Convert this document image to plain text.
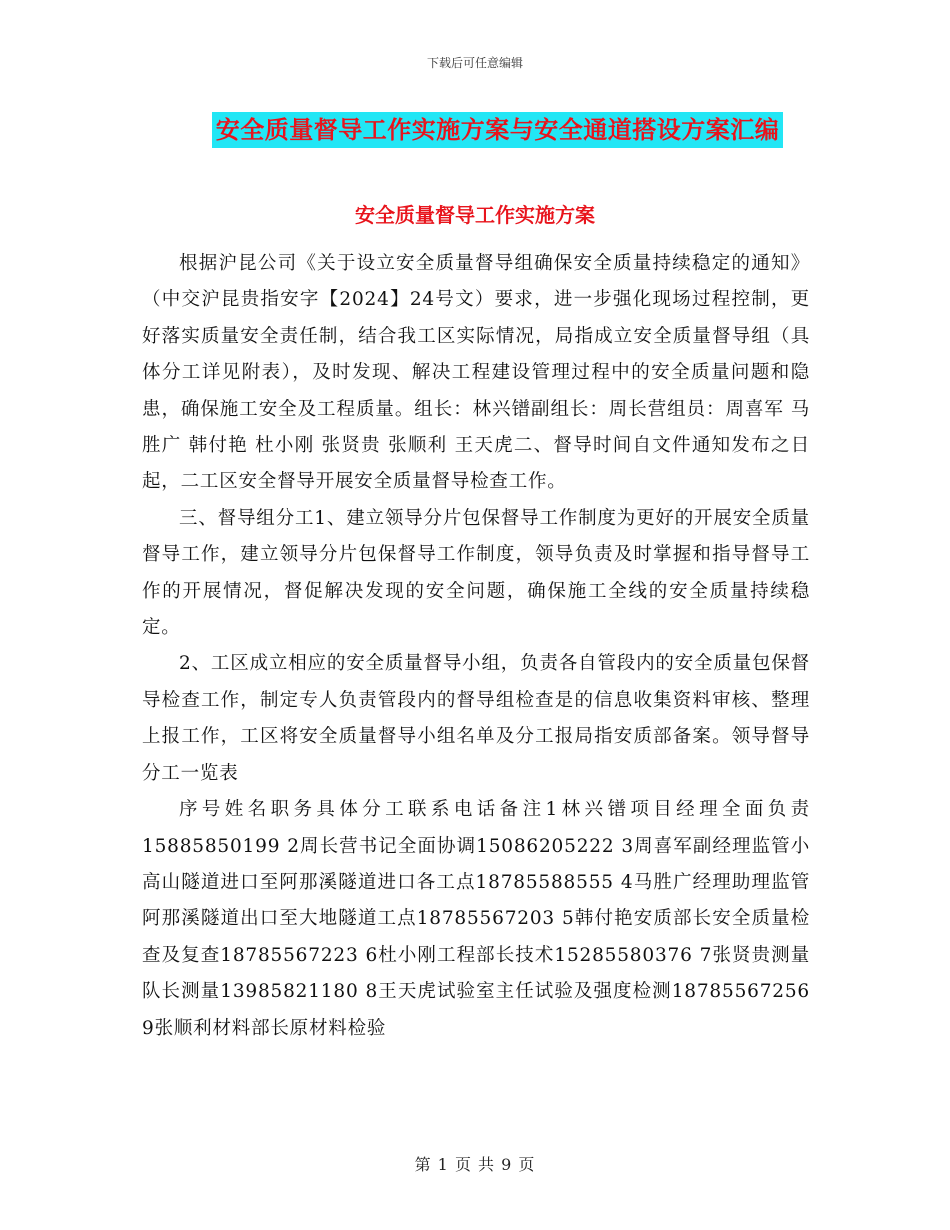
下载后可任意编辑
安全质量督导工作实施方案与安全通道搭设方案汇编
安全质量督导工作实施方案

根据沪昆公司《关于设立安全质量督导组确保安全质量持续稳定的通知》（中交沪昆贵指安字【2024】24号文）要求，进一步强化现场过程控制，更好落实质量安全责任制，结合我工区实际情况，局指成立安全质量督导组（具体分工详见附表），及时发现、解决工程建设管理过程中的安全质量问题和隐患，确保施工安全及工程质量。组长：林兴镨副组长：周长营组员：周喜军 马胜广 韩付艳 杜小刚 张贤贵 张顺利 王天虎二、督导时间自文件通知发布之日起，二工区安全督导开展安全质量督导检查工作。

三、督导组分工1、建立领导分片包保督导工作制度为更好的开展安全质量督导工作，建立领导分片包保督导工作制度，领导负责及时掌握和指导督导工作的开展情况，督促解决发现的安全问题，确保施工全线的安全质量持续稳定。

2、工区成立相应的安全质量督导小组，负责各自管段内的安全质量包保督导检查工作，制定专人负责管段内的督导组检查是的信息收集资料审核、整理上报工作，工区将安全质量督导小组名单及分工报局指安质部备案。领导督导分工一览表

序号姓名职务具体分工联系电话备注1林兴镨项目经理全面负责15885850199 2周长营书记全面协调15086205222 3周喜军副经理监管小高山隧道进口至阿那溪隧道进口各工点18785588555 4马胜广经理助理监管阿那溪隧道出口至大地隧道工点18785567203 5韩付艳安质部长安全质量检查及复查18785567223 6杜小刚工程部长技术15285580376 7张贤贵测量队长测量13985821180 8王天虎试验室主任试验及强度检测18785567256 9张顺利材料部长原材料检验

第 1 页 共 9 页
